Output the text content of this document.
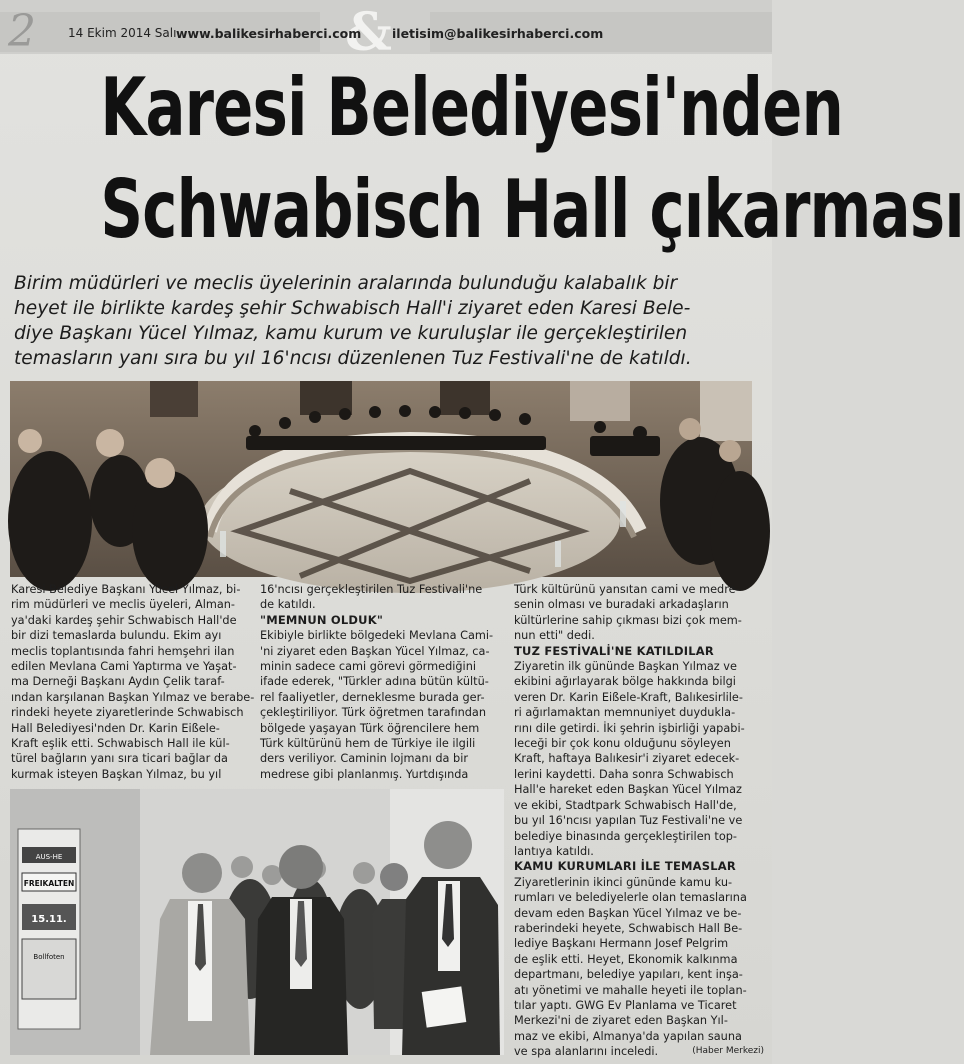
2	&
14 Ekim 2014 Salı www.balikesirhaberci.com iletisim@balikesirhaberci.com
Karesi Belediyesi'nden
Schwabisch Hall çıkarması
Birim müdürleri ve meclis üyelerinin aralarında bulunduğu kalabalık bir
heyet ile birlikte kardeş şehir Schwabisch Hall'i ziyaret eden Karesi Bele-
diye Başkanı Yücel Yılmaz, kamu kurum ve kuruluşlar ile gerçekleştirilen
temasların yanı sıra bu yıl 16'ncısı düzenlenen Tuz Festivali'ne de katıldı.
Karesi Belediye Başkanı Yücel Yılmaz, bi-
rim müdürleri ve meclis üyeleri, Alman-
ya'daki kardeş şehir Schwabisch Hall'de
bir dizi temaslarda bulundu. Ekim ayı
meclis toplantısında fahri hemşehri ilan
edilen Mevlana Cami Yaptırma ve Yaşat-
ma Derneği Başkanı Aydın Çelik taraf-
ından karşılanan Başkan Yılmaz ve berabe-
rindeki heyete ziyaretlerinde Schwabisch
Hall Belediyesi'nden Dr. Karin Eißele-
Kraft eşlik etti. Schwabisch Hall ile kül-
türel bağların yanı sıra ticari bağlar da
kurmak isteyen Başkan Yılmaz, bu yıl
16'ncısı gerçekleştirilen Tuz Festivali'ne
de katıldı.
"MEMNUN OLDUK"
Ekibiyle birlikte bölgedeki Mevlana Cami-
'ni ziyaret eden Başkan Yücel Yılmaz, ca-
minin sadece cami görevi görmediğini
ifade ederek, "Türkler adına bütün kültü-
rel faaliyetler, derneklesme burada ger-
çekleştiriliyor. Türk öğretmen tarafından
bölgede yaşayan Türk öğrencilere hem
Türk kültürünü hem de Türkiye ile ilgili
ders veriliyor. Caminin lojmanı da bir
medrese gibi planlanmış. Yurtdışında
Türk kültürünü yansıtan cami ve medre-
senin olması ve buradaki arkadaşların
kültürlerine sahip çıkması bizi çok mem-
nun etti" dedi.
TUZ FESTİVALİ'NE KATILDILAR
Ziyaretin ilk gününde Başkan Yılmaz ve
ekibini ağırlayarak bölge hakkında bilgi
veren Dr. Karin Eißele-Kraft, Balıkesirlile-
ri ağırlamaktan memnuniyet duydukla-
rını dile getirdi. İki şehrin işbirliği yapabi-
leceği bir çok konu olduğunu söyleyen
Kraft, haftaya Balıkesir'i ziyaret edecek-
lerini kaydetti. Daha sonra Schwabisch
Hall'e hareket eden Başkan Yücel Yılmaz
ve ekibi, Stadtpark Schwabisch Hall'de,
bu yıl 16'ncısı yapılan Tuz Festivali'ne ve
belediye binasında gerçekleştirilen top-
lantıya katıldı.
KAMU KURUMLARI İLE TEMASLAR
Ziyaretlerinin ikinci gününde kamu ku-
rumları ve belediyelerle olan temaslarına
devam eden Başkan Yücel Yılmaz ve be-
raberindeki heyete, Schwabisch Hall Be-
lediye Başkanı Hermann Josef Pelgrim
de eşlik etti. Heyet, Ekonomik kalkınma
departmanı, belediye yapıları, kent inşa-
atı yönetimi ve mahalle heyeti ile toplan-
tılar yaptı. GWG Ev Planlama ve Ticaret
Merkezi'ni de ziyaret eden Başkan Yıl-
maz ve ekibi, Almanya'da yapılan sauna
ve spa alanlarını inceledi.	(Haber Merkezi)
AUS-HE
FREIKALTEN
15.11.
Bollfoten
